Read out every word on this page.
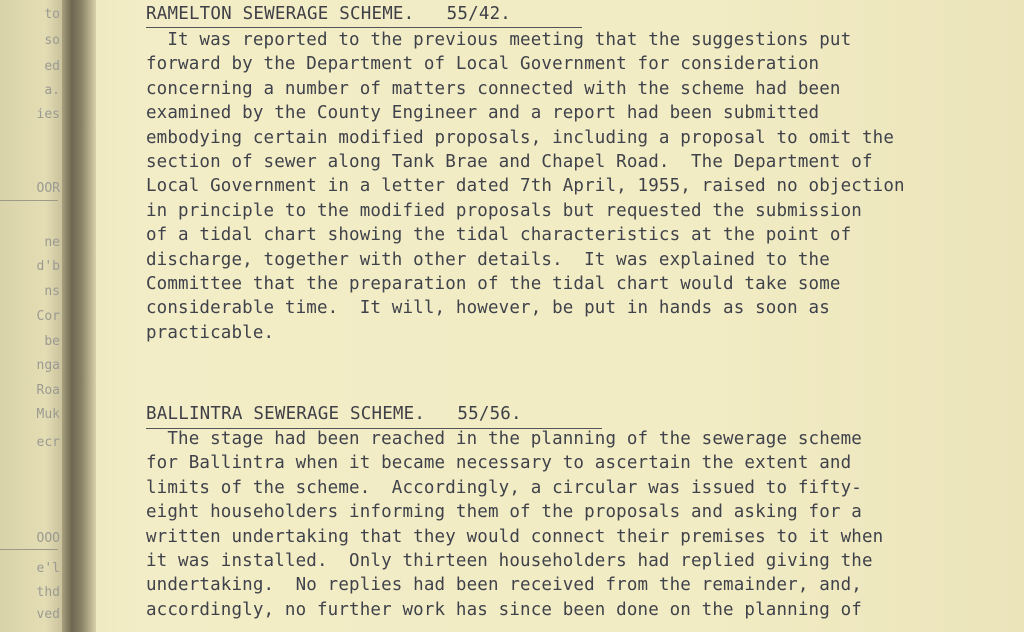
to
so
ed
a.
ies
OOR
ne
d'b
ns
Cor
be
nga
Roa
Muk
ecr
OOO
e'l
thd
ved
RAMELTON SEWERAGE SCHEME. 55/42.
It was reported to the previous meeting that the suggestions put
forward by the Department of Local Government for consideration
concerning a number of matters connected with the scheme had been
examined by the County Engineer and a report had been submitted
embodying certain modified proposals, including a proposal to omit the
section of sewer along Tank Brae and Chapel Road.  The Department of
Local Government in a letter dated 7th April, 1955, raised no objection
in principle to the modified proposals but requested the submission
of a tidal chart showing the tidal characteristics at the point of
discharge, together with other details.  It was explained to the
Committee that the preparation of the tidal chart would take some
considerable time.  It will, however, be put in hands as soon as
practicable.
BALLINTRA SEWERAGE SCHEME. 55/56.
The stage had been reached in the planning of the sewerage scheme
for Ballintra when it became necessary to ascertain the extent and
limits of the scheme.  Accordingly, a circular was issued to fifty-
eight householders informing them of the proposals and asking for a
written undertaking that they would connect their premises to it when
it was installed.  Only thirteen householders had replied giving the
undertaking.  No replies had been received from the remainder, and,
accordingly, no further work has since been done on the planning of
